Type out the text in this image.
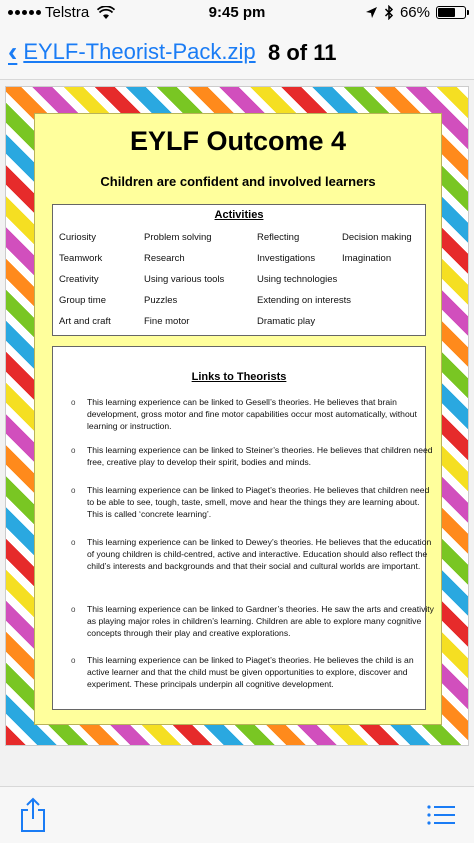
Telstra	9:45 pm	66%
‹ EYLF-Theorist-Pack.zip 8 of 11
EYLF Outcome 4
Children are confident and involved learners
Activities
Curiosity	Problem solving	Reflecting	Decision making
Teamwork	Research	Investigations	Imagination
Creativity	Using various tools	Using technologies
Group time	Puzzles	Extending on interests
Art and craft	Fine motor	Dramatic play
Links to Theorists
o	This learning experience can be linked to Gesell’s theories. He believes that brain development, gross motor and fine motor capabilities occur most automatically, without learning or instruction.
o	This learning experience can be linked to Steiner’s theories. He believes that children need free, creative play to develop their spirit, bodies and minds.
o	This learning experience can be linked to Piaget’s theories. He believes that children need to be able to see, tough, taste, smell, move and hear the things they are learning about. This is called ‘concrete learning’.
o	This learning experience can be linked to Dewey’s theories. He believes that the education of young children is child-centred, active and interactive. Education should also reflect the child’s interests and backgrounds and that their social and cultural worlds are important.
o	This learning experience can be linked to Gardner’s theories. He saw the arts and creativity as playing major roles in children’s learning. Children are able to explore many cognitive concepts through their play and creative explorations.
o	This learning experience can be linked to Piaget’s theories. He believes the child is an active learner and that the child must be given opportunities to explore, discover and experiment. These principals underpin all cognitive development.
